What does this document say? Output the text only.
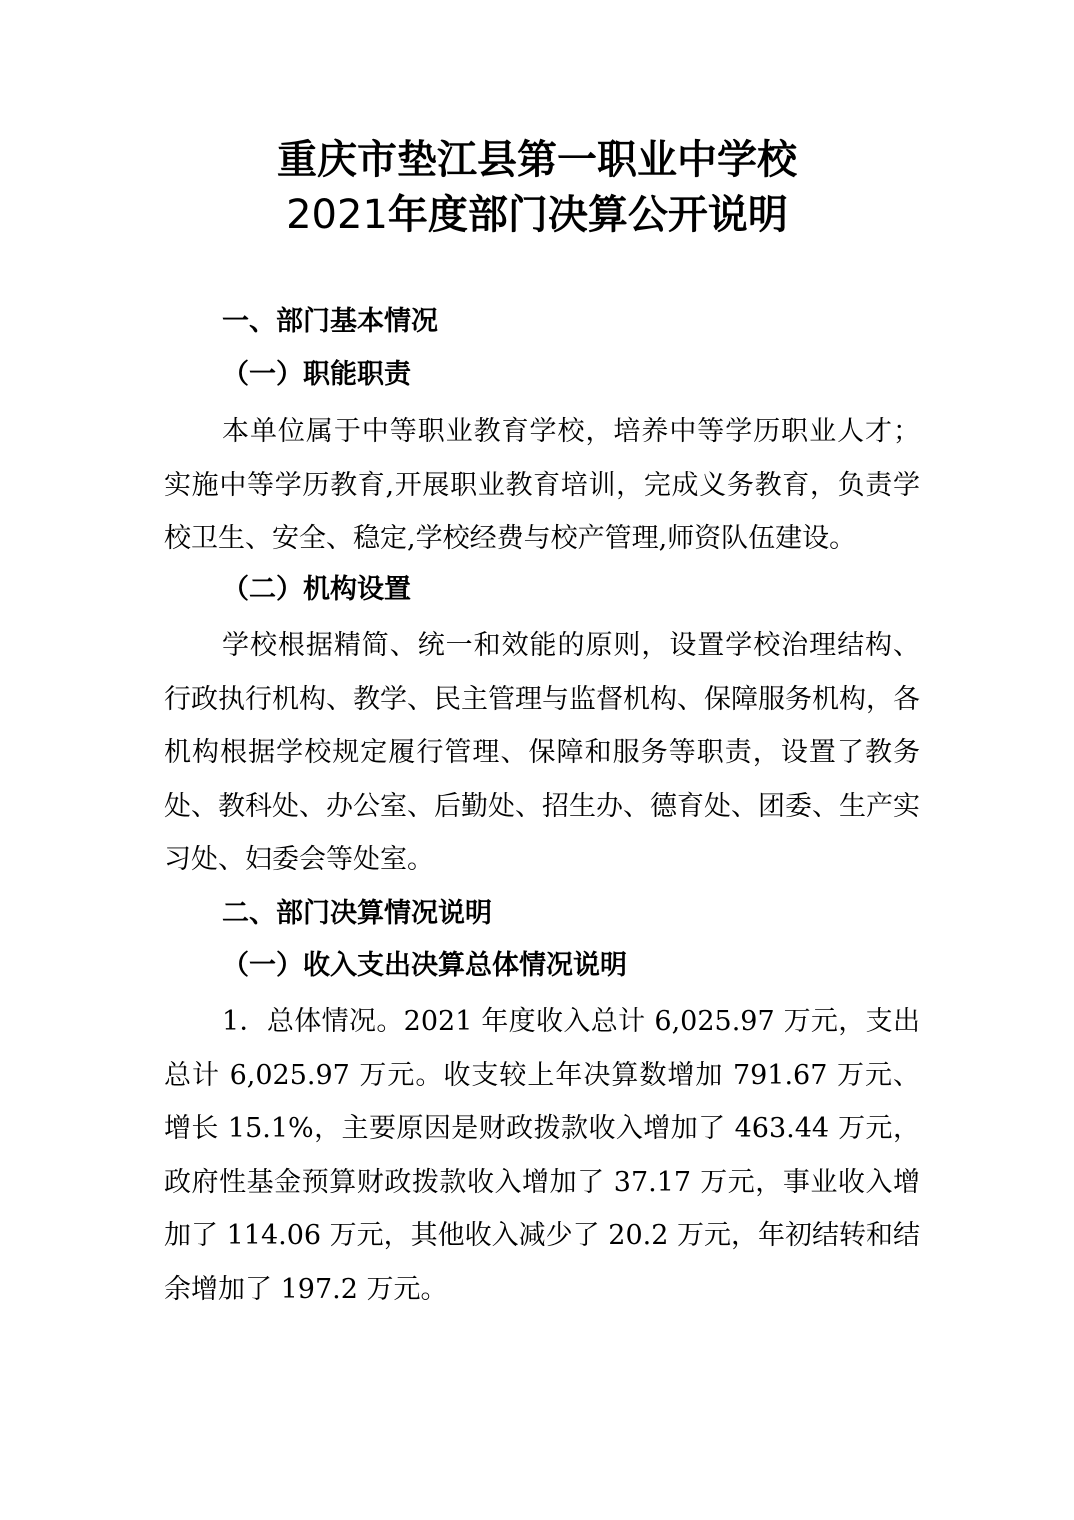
重庆市垫江县第一职业中学校
2021年度部门决算公开说明
一、部门基本情况
（一）职能职责
本单位属于中等职业教育学校，培养中等学历职业人才；实施中等学历教育,开展职业教育培训，完成义务教育，负责学校卫生、安全、稳定,学校经费与校产管理,师资队伍建设。
（二）机构设置
学校根据精简、统一和效能的原则，设置学校治理结构、行政执行机构、教学、民主管理与监督机构、保障服务机构，各机构根据学校规定履行管理、保障和服务等职责，设置了教务处、教科处、办公室、后勤处、招生办、德育处、团委、生产实习处、妇委会等处室。
二、部门决算情况说明
（一）收入支出决算总体情况说明
1．总体情况。2021 年度收入总计 6,025.97 万元，支出总计 6,025.97 万元。收支较上年决算数增加 791.67 万元、增长 15.1%，主要原因是财政拨款收入增加了 463.44 万元，政府性基金预算财政拨款收入增加了 37.17 万元，事业收入增加了 114.06 万元，其他收入减少了 20.2 万元，年初结转和结余增加了 197.2 万元。
